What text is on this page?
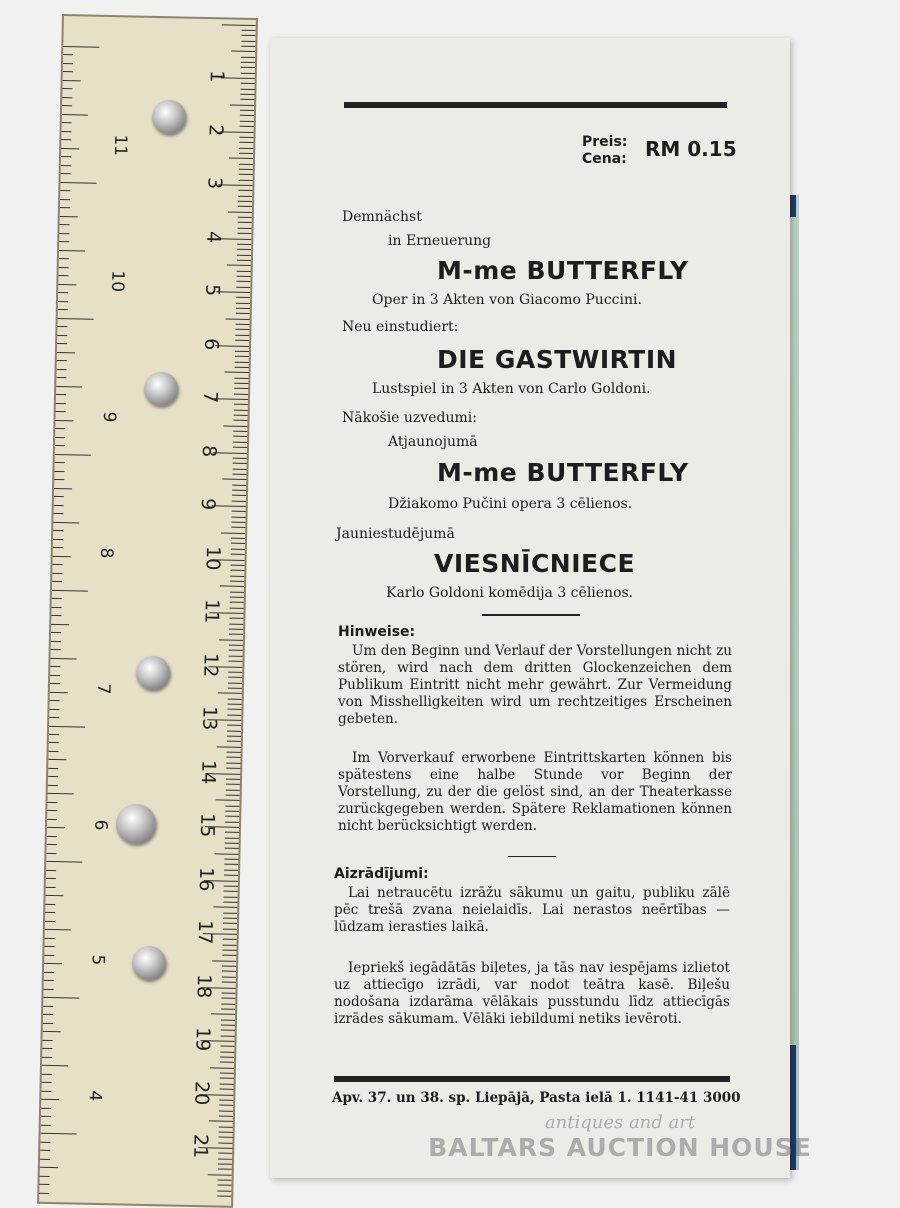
1
2
3
4
5
6
7
8
9
10
11
12
13
14
15
16
17
18
19
20
21
11
10
9
8
7
6
5
4
Preis:
Cena: RM 0.15
Demnächst
in Erneuerung
M-me BUTTERFLY
Oper in 3 Akten von Giacomo Puccini.
Neu einstudiert:
DIE GASTWIRTIN
Lustspiel in 3 Akten von Carlo Goldoni.
Nākošie uzvedumi:
Atjaunojumā
M-me BUTTERFLY
Džiakomo Pučini opera 3 cēlienos.
Jauniestudējumā
VIESNĪCNIECE
Karlo Goldoni komēdija 3 cēlienos.
Hinweise:
Um den Beginn und Verlauf der Vorstellungen nicht zu stören, wird nach dem dritten Glockenzeichen dem Publikum Eintritt nicht mehr gewährt. Zur Vermeidung von Misshelligkeiten wird um rechtzeitiges Erscheinen gebeten.
Im Vorverkauf erworbene Eintrittskarten können bis spätestens eine halbe Stunde vor Beginn der Vorstellung, zu der die gelöst sind, an der Theaterkasse zurückgegeben werden. Spätere Reklamationen können nicht berücksichtigt werden.
Aizrādījumi:
Lai netraucētu izrāžu sākumu un gaitu, publiku zālē pēc trešā zvana neielaidīs. Lai nerastos neērtības — lūdzam ierasties laikā.
Iepriekš iegādātās biļetes, ja tās nav iespējams izlietot uz attiecīgo izrādi, var nodot teātra kasē. Biļešu nodošana izdarāma vēlākais pusstundu līdz attiecīgās izrādes sākumam. Vēlāki iebildumi netiks ievēroti.
Apv. 37. un 38. sp. Liepājā, Pasta ielā 1. 1141-41 3000
antiques and art
BALTARS AUCTION HOUSE
